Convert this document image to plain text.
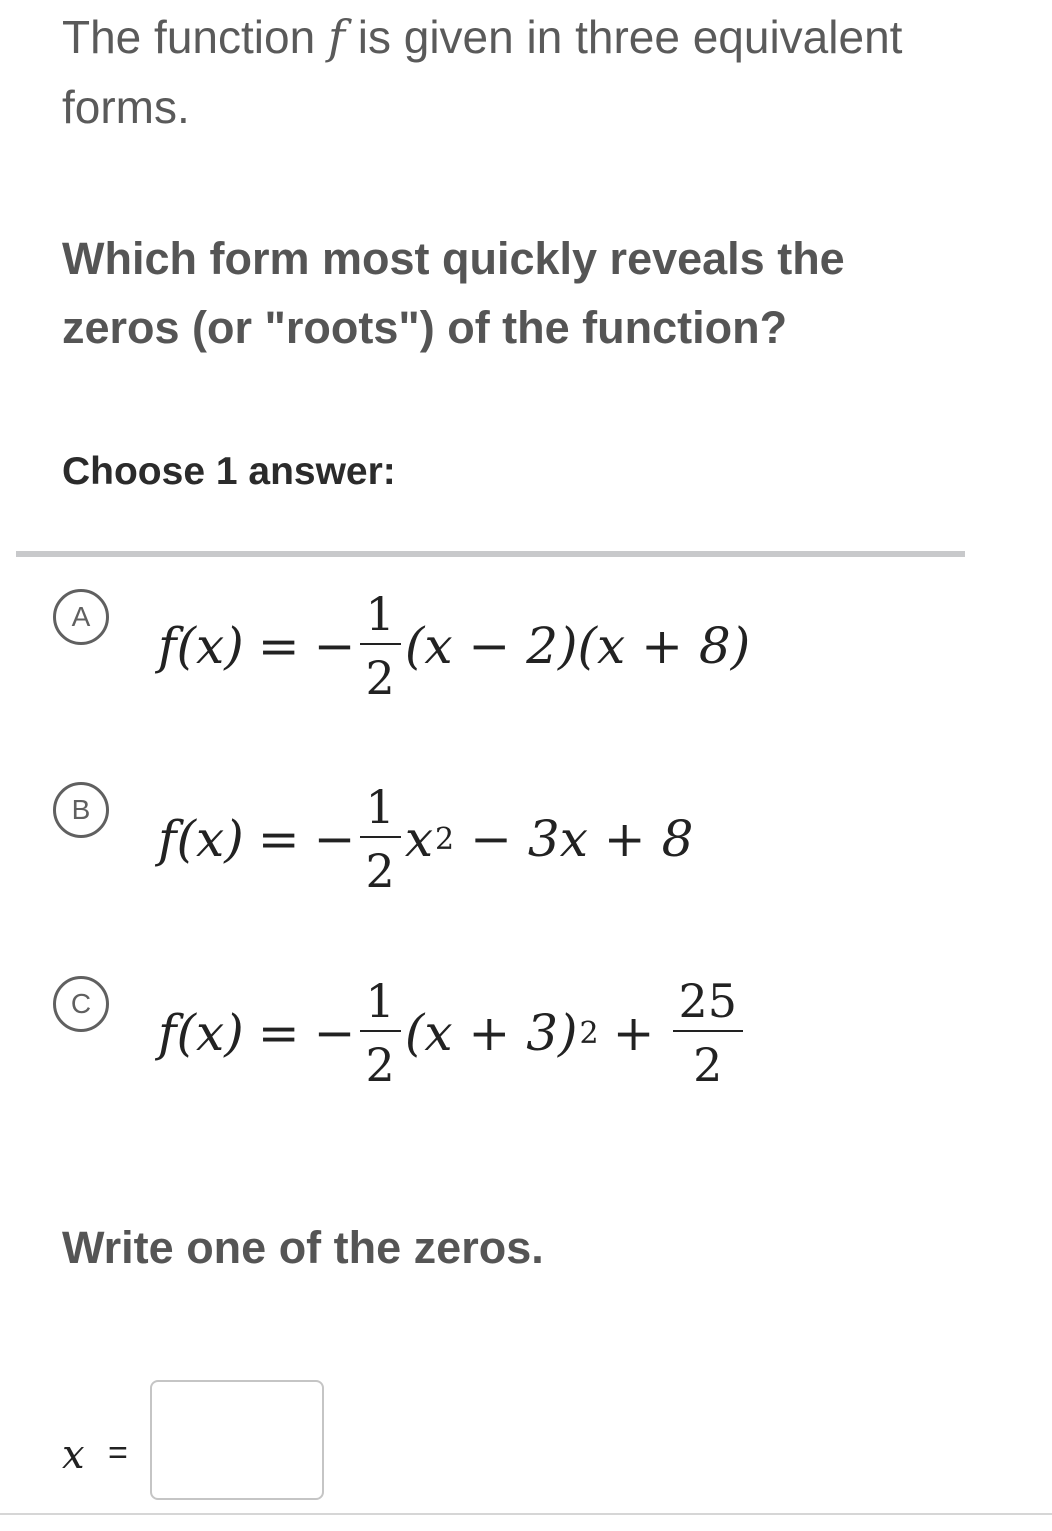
The function f is given in three equivalent forms.
Which form most quickly reveals the zeros (or "roots") of the function?
Choose 1 answer:
A
f(x) = − $\frac{1}{2} (x - 2)(x + 8)$
B
f(x) = − $\frac{1}{2}$ x 2 − 3x + 8
C
f(x) = − $\frac{1}{2} (x + 3) 2 + \frac{25}{2}$
Write one of the zeros.
x =
